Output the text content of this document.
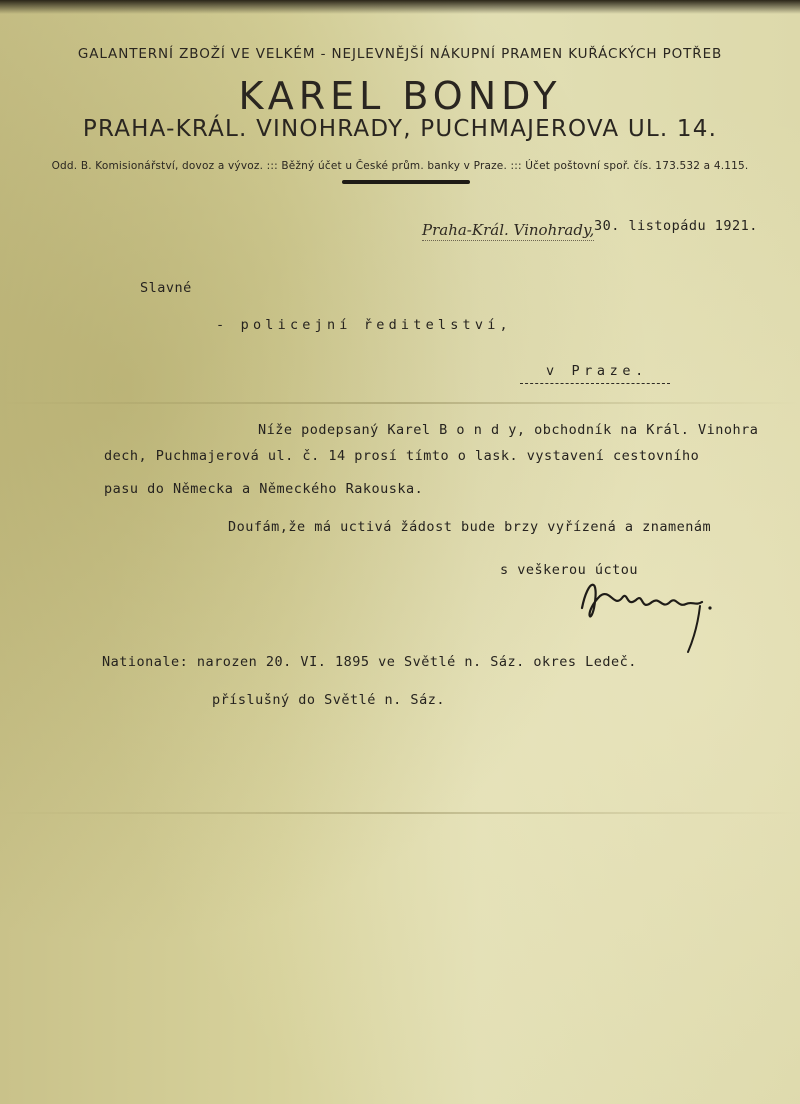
GALANTERNÍ ZBOŽÍ VE VELKÉM - NEJLEVNĚJŠÍ NÁKUPNÍ PRAMEN KUŘÁCKÝCH POTŘEB
KAREL BONDY
PRAHA-KRÁL. VINOHRADY, PUCHMAJEROVA UL. 14.
Odd. B. Komisionářství, dovoz a vývoz. ::: Běžný účet u České prům. banky v Praze. ::: Účet poštovní spoř. čís. 173.532 a 4.115.
Praha-Král. Vinohrady, 30. listopádu 1921.
Slavné
- policejní ředitelství,
v Praze.
Níže podepsaný Karel B o n d y, obchodník na Král. Vinohra
dech, Puchmajerová ul. č. 14 prosí tímto o lask. vystavení cestovního
pasu do Německa a Německého Rakouska.
Doufám,že má uctivá žádost bude brzy vyřízená a znamenám
s veškerou úctou
Nationale: narozen 20. VI. 1895 ve Světlé n. Sáz. okres Ledeč.
příslušný do Světlé n. Sáz.
